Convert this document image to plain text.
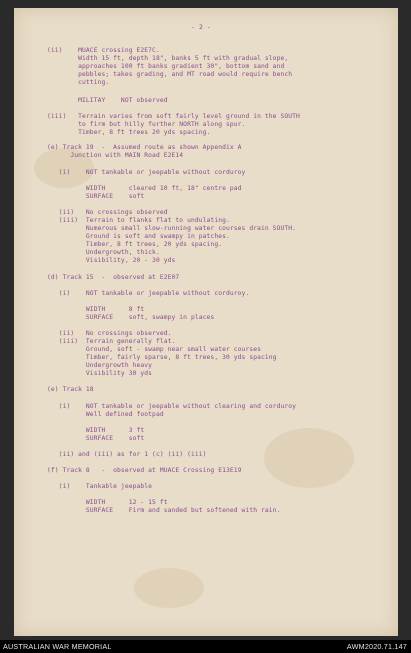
- 2 -
(ii)    MUACE crossing E2E7C.
Width 15 ft, depth 18", banks 5 ft with gradual slope,
approaches 100 ft banks gradient 30", bottom sand and
pebbles; takes grading, and MT road would require bench
cutting.
MILITAY    NOT observed
(iii)   Terrain varies from soft fairly level ground in the SOUTH
to firm but hilly further NORTH along spur.
Timber, 8 ft trees 20 yds spacing.
(e) Track 19  -  Assumed route as shown Appendix A
Junction with MAIN Road E2E14
(i)    NOT tankable or jeepable without corduroy
WIDTH      cleared 10 ft, 18" centre pad
SURFACE    soft
(ii)   No crossings observed
(iii)  Terrain to flanks flat to undulating.
Numerous small slow-running water courses drain SOUTH.
Ground is soft and swampy in patches.
Timber, 8 ft trees, 20 yds spacing.
Undergrowth, thick.
Visibility, 20 - 30 yds
(d) Track 15  -  observed at E2E07
(i)    NOT tankable or jeepable without corduroy.
WIDTH      8 ft
SURFACE    soft, swampy in places
(ii)   No crossings observed.
(iii)  Terrain generally flat.
Ground, soft - swamp near small water courses
Timber, fairly sparse, 8 ft trees, 30 yds spacing
Undergrowth heavy
Visibility 30 yds
(e) Track 18
(i)    NOT tankable or jeepable without clearing and corduroy
Well defined footpad
WIDTH      3 ft
SURFACE    soft
(ii) and (iii) as for 1 (c) (ii) (iii)
(f) Track 8   -  observed at MUACE Crossing E13E19
(i)    Tankable jeepable
WIDTH      12 - 15 ft
SURFACE    Firm and sanded but softened with rain.
AUSTRALIAN WAR MEMORIAL	AWM2020.71.147
